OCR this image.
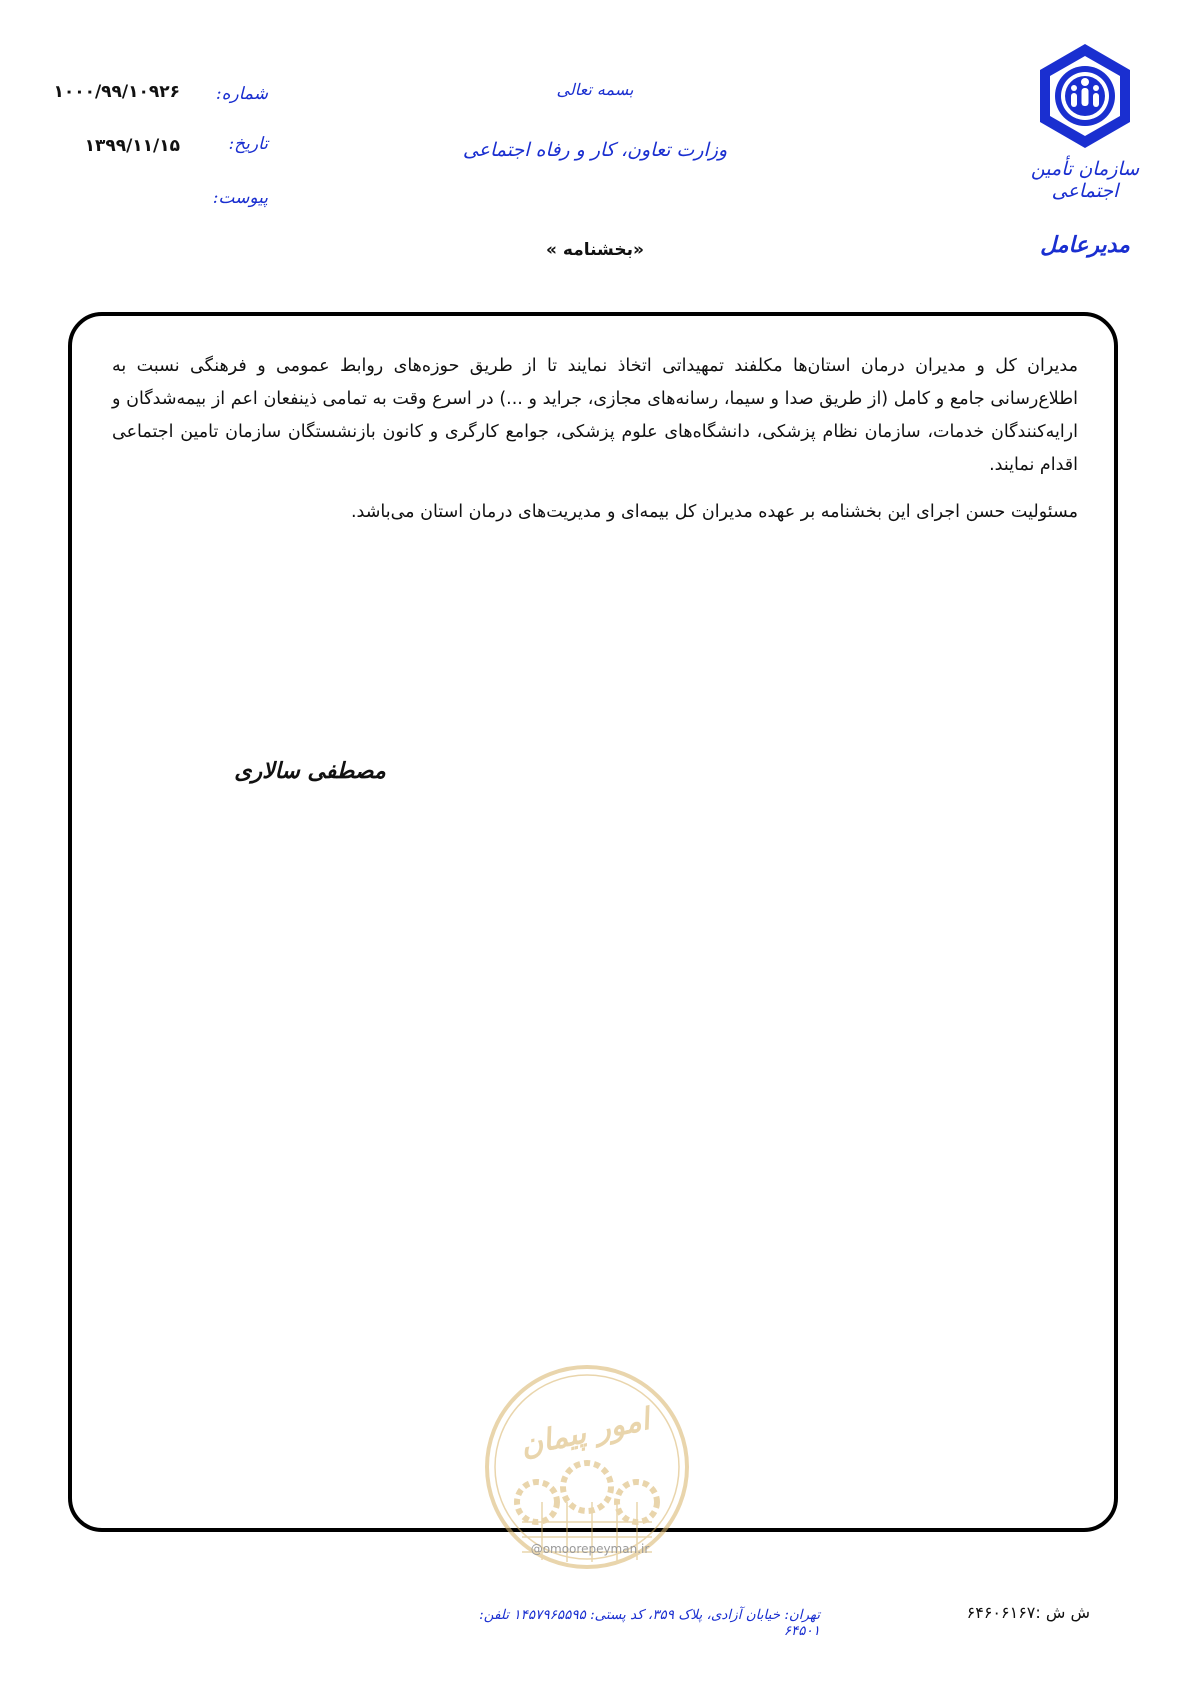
سازمان تأمین اجتماعی
مدیرعامل
بسمه تعالی
وزارت تعاون، کار و رفاه اجتماعی
«بخشنامه »
شماره:
۱۰۰۰/۹۹/۱۰۹۲۶
تاریخ:
۱۳۹۹/۱۱/۱۵
پیوست:

مدیران کل و مدیران درمان استان‌ها مکلفند تمهیداتی اتخاذ نمایند تا از طریق حوزه‌های روابط عمومی و فرهنگی نسبت به اطلاع‌رسانی جامع و کامل (از طریق صدا و سیما، رسانه‌های مجازی، جراید و ...) در اسرع وقت به تمامی ذینفعان اعم از بیمه‌شدگان و ارایه‌کنندگان خدمات، سازمان نظام پزشکی، دانشگاه‌های علوم پزشکی، جوامع کارگری و کانون بازنشستگان سازمان تامین اجتماعی اقدام نمایند.

مسئولیت حسن اجرای این بخشنامه بر عهده مدیران کل بیمه‌ای و مدیریت‌های درمان استان می‌باشد.

مصطفی سالاری
امور پیمان
@omoorepeyman.ir
تهران: خیابان آزادی، پلاک ۳۵۹، کد پستی: ۱۴۵۷۹۶۵۵۹۵ تلفن: ۶۴۵۰۱
ش ش :۶۴۶۰۶۱۶۷
